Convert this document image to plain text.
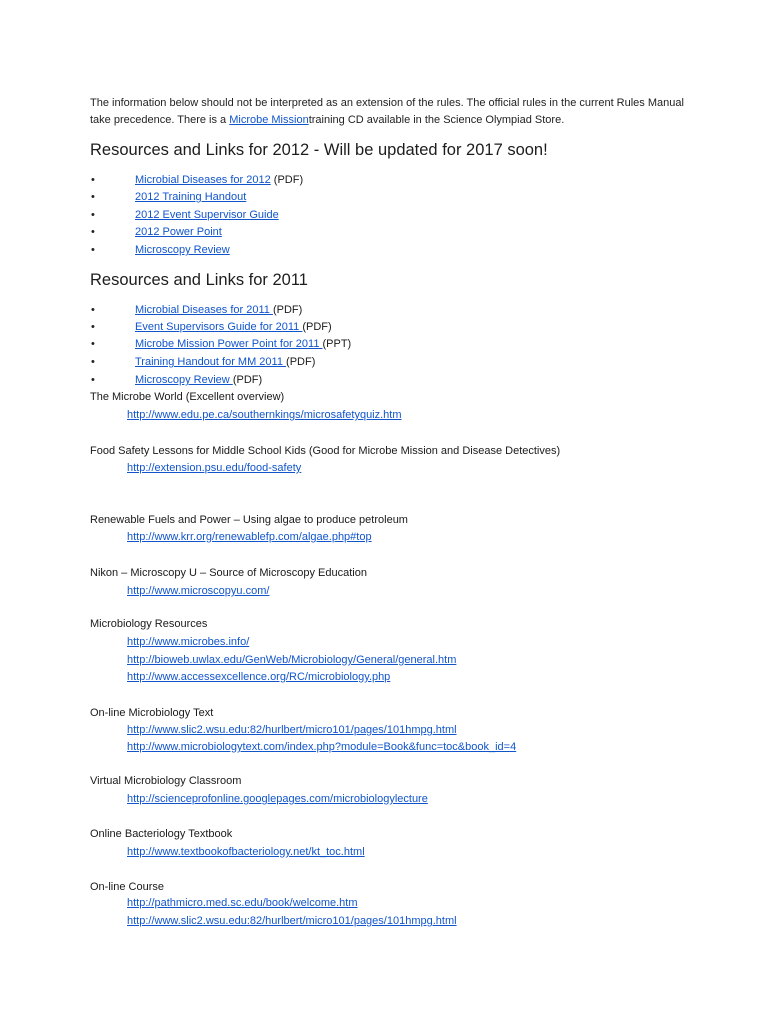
The information below should not be interpreted as an extension of the rules. The official rules in the current Rules Manual take precedence. There is a Microbe Missiontraining CD available in the Science Olympiad Store.
Resources and Links for 2012 - Will be updated for 2017 soon!
•	Microbial Diseases for 2012 (PDF)
•	2012 Training Handout
•	2012 Event Supervisor Guide
•	2012 Power Point
•	Microscopy Review
Resources and Links for 2011
•	Microbial Diseases for 2011 (PDF)
•	Event Supervisors Guide for 2011 (PDF)
•	Microbe Mission Power Point for 2011 (PPT)
•	Training Handout for MM 2011 (PDF)
•	Microscopy Review (PDF)
The Microbe World (Excellent overview)
http://www.edu.pe.ca/southernkings/microsafetyquiz.htm
Food Safety Lessons for Middle School Kids (Good for Microbe Mission and Disease Detectives)
http://extension.psu.edu/food-safety
Renewable Fuels and Power – Using algae to produce petroleum
http://www.krr.org/renewablefp.com/algae.php#top
Nikon – Microscopy U – Source of Microscopy Education
http://www.microscopyu.com/
Microbiology Resources
http://www.microbes.info/
http://bioweb.uwlax.edu/GenWeb/Microbiology/General/general.htm
http://www.accessexcellence.org/RC/microbiology.php
On-line Microbiology Text
http://www.slic2.wsu.edu:82/hurlbert/micro101/pages/101hmpg.html
http://www.microbiologytext.com/index.php?module=Book&func=toc&book_id=4
Virtual Microbiology Classroom
http://scienceprofonline.googlepages.com/microbiologylecture
Online Bacteriology Textbook
http://www.textbookofbacteriology.net/kt_toc.html
On-line Course
http://pathmicro.med.sc.edu/book/welcome.htm
http://www.slic2.wsu.edu:82/hurlbert/micro101/pages/101hmpg.html
